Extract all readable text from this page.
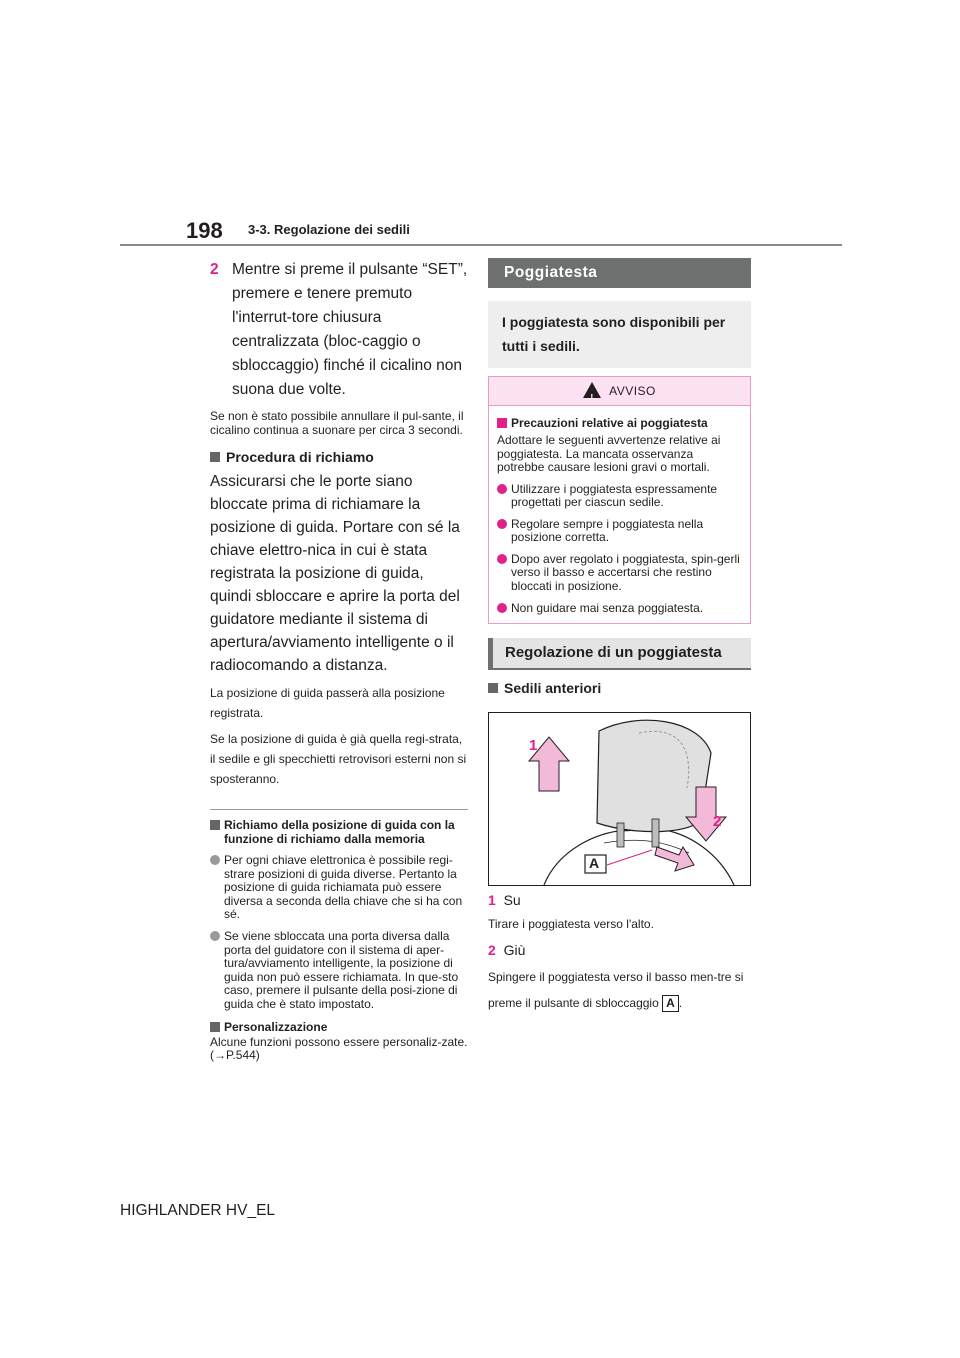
198 3-3. Regolazione dei sedili
2 Mentre si preme il pulsante “SET”, premere e tenere premuto l'interrut-tore chiusura centralizzata (bloc-caggio o sbloccaggio) finché il cicalino non suona due volte.
Se non è stato possibile annullare il pul-sante, il cicalino continua a suonare per circa 3 secondi.
Procedura di richiamo
Assicurarsi che le porte siano bloccate prima di richiamare la posizione di guida. Portare con sé la chiave elettro-nica in cui è stata registrata la posizione di guida, quindi sbloccare e aprire la porta del guidatore mediante il sistema di apertura/avviamento intelligente o il radiocomando a distanza.
La posizione di guida passerà alla posizione registrata.
Se la posizione di guida è già quella regi-strata, il sedile e gli specchietti retrovisori esterni non si sposteranno.
Richiamo della posizione di guida con la funzione di richiamo dalla memoria
Per ogni chiave elettronica è possibile regi-strare posizioni di guida diverse. Pertanto la posizione di guida richiamata può essere diversa a seconda della chiave che si ha con sé.
Se viene sbloccata una porta diversa dalla porta del guidatore con il sistema di aper-tura/avviamento intelligente, la posizione di guida non può essere richiamata. In que-sto caso, premere il pulsante della posi-zione di guida che è stato impostato.
Personalizzazione
Alcune funzioni possono essere personaliz-zate. (→P.544)
Poggiatesta
I poggiatesta sono disponibili per tutti i sedili.
!AVVISO
Precauzioni relative ai poggiatesta
Adottare le seguenti avvertenze relative ai poggiatesta. La mancata osservanza potrebbe causare lesioni gravi o mortali.
Utilizzare i poggiatesta espressamente progettati per ciascun sedile.
Regolare sempre i poggiatesta nella posizione corretta.
Dopo aver regolato i poggiatesta, spin-gerli verso il basso e accertarsi che restino bloccati in posizione.
Non guidare mai senza poggiatesta.
Regolazione di un poggiatesta
Sedili anteriori
1
2
A
1 Su
Tirare i poggiatesta verso l'alto.
2 Giù
Spingere il poggiatesta verso il basso men-tre si preme il pulsante di sbloccaggio A .
HIGHLANDER HV_EL
